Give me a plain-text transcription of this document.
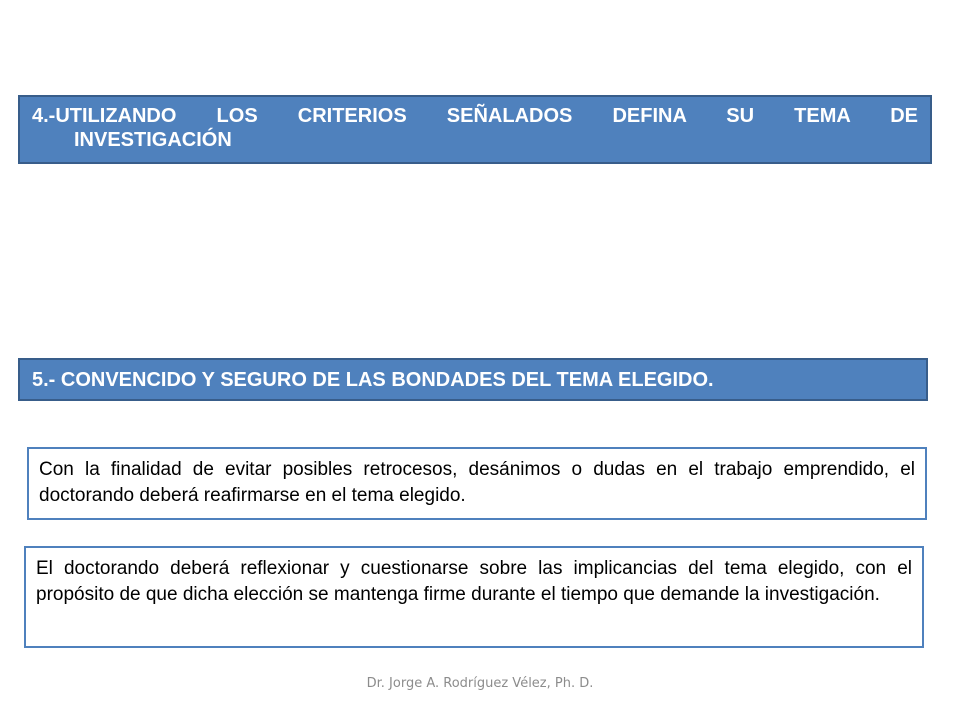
4.-UTILIZANDO LOS CRITERIOS SEÑALADOS DEFINA SU TEMA DE
INVESTIGACIÓN
5.- CONVENCIDO Y SEGURO DE LAS BONDADES DEL TEMA ELEGIDO.
Con la finalidad de evitar posibles retrocesos, desánimos o dudas en el trabajo emprendido, el doctorando deberá reafirmarse en el tema elegido.
El doctorando deberá reflexionar y cuestionarse sobre las implicancias del tema elegido, con el propósito de que dicha elección se mantenga firme durante el tiempo que demande la investigación.
Dr. Jorge A. Rodríguez Vélez, Ph. D.
